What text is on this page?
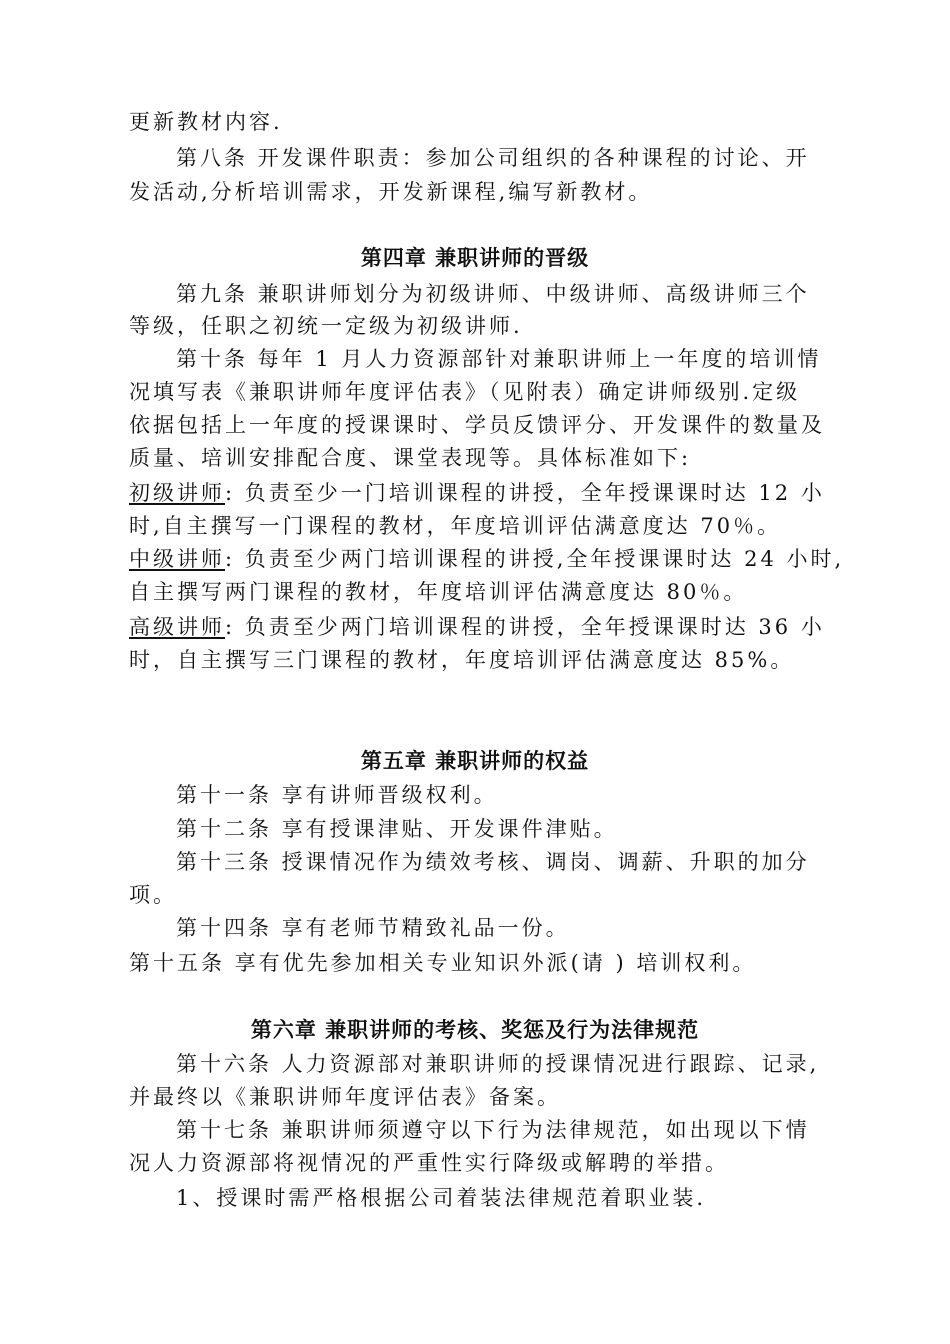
更新教材内容.
第八条 开发课件职责：参加公司组织的各种课程的讨论、开
发活动,分析培训需求，开发新课程,编写新教材。
第四章 兼职讲师的晋级
第九条 兼职讲师划分为初级讲师、中级讲师、高级讲师三个
等级，任职之初统一定级为初级讲师.
第十条 每年 1 月人力资源部针对兼职讲师上一年度的培训情
况填写表《兼职讲师年度评估表》（见附表）确定讲师级别.定级
依据包括上一年度的授课课时、学员反馈评分、开发课件的数量及
质量、培训安排配合度、课堂表现等。具体标准如下:
初级讲师: 负责至少一门培训课程的讲授，全年授课课时达 12 小
时,自主撰写一门课程的教材，年度培训评估满意度达 70％。
中级讲师: 负责至少两门培训课程的讲授,全年授课课时达 24 小时,
自主撰写两门课程的教材，年度培训评估满意度达 80％。
高级讲师: 负责至少两门培训课程的讲授，全年授课课时达 36 小
时，自主撰写三门课程的教材，年度培训评估满意度达 85%。
第五章 兼职讲师的权益
第十一条 享有讲师晋级权利。
第十二条 享有授课津贴、开发课件津贴。
第十三条 授课情况作为绩效考核、调岗、调薪、升职的加分
项。
第十四条 享有老师节精致礼品一份。
第十五条 享有优先参加相关专业知识外派(请 ) 培训权利。
第六章 兼职讲师的考核、奖惩及行为法律规范
第十六条 人力资源部对兼职讲师的授课情况进行跟踪、记录,
并最终以《兼职讲师年度评估表》备案。
第十七条 兼职讲师须遵守以下行为法律规范，如出现以下情
况人力资源部将视情况的严重性实行降级或解聘的举措。
1、授课时需严格根据公司着装法律规范着职业装.
